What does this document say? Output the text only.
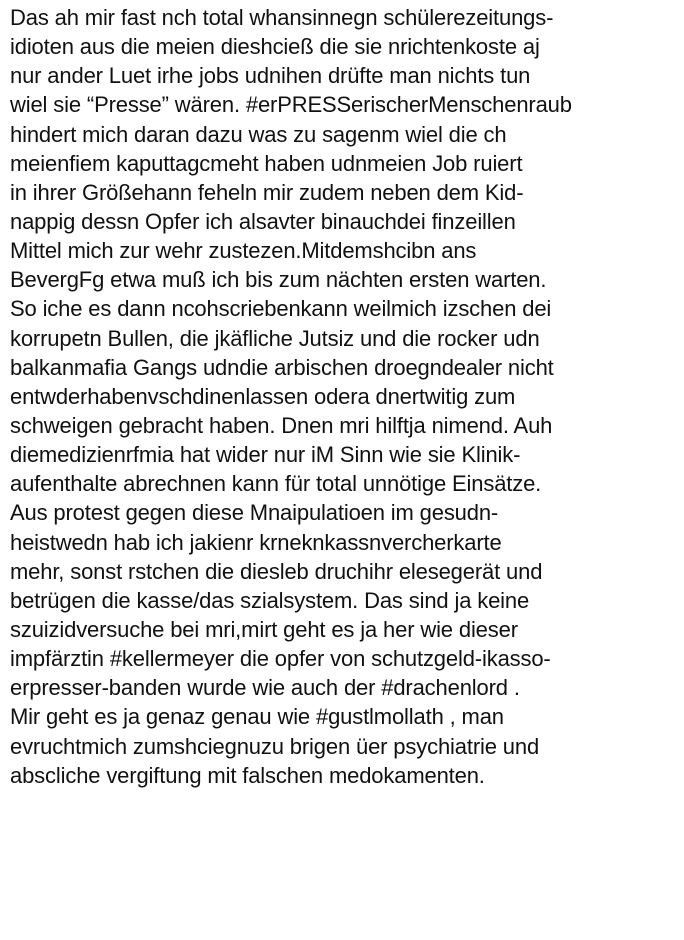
Das ah mir fast nch total whansinnegn schülerezeitungs-
idioten aus die meien dieshcieß die sie nrichtenkoste aj
nur ander Luet irhe jobs udnihen drüfte man nichts tun
wiel sie “Presse” wären. #erPRESSerischerMenschenraub
hindert mich daran dazu was zu sagenm wiel die ch
meienfiem kaputtagcmeht haben udnmeien Job ruiert
in ihrer Größehann feheln mir zudem neben dem Kid-
nappig dessn Opfer ich alsavter binauchdei finzeillen
Mittel mich zur wehr zustezen.Mitdemshcibn ans
BevergFg etwa muß ich bis zum nächten ersten warten.
So iche es dann ncohscriebenkann weilmich izschen dei
korrupetn Bullen, die jkäfliche Jutsiz und die rocker udn
balkanmafia Gangs udndie arbischen droegndealer nicht
entwderhabenvschdinenlassen odera dnertwitig zum
schweigen gebracht haben. Dnen mri hilftja nimend. Auh
diemedizienrfmia hat wider nur iM Sinn wie sie Klinik-
aufenthalte abrechnen kann für total unnötige Einsätze.
Aus protest gegen diese Mnaipulatioen im gesudn-
heistwedn hab ich jakienr krneknkassnvercherkarte
mehr, sonst rstchen die diesleb druchihr elesegerät und
betrügen die kasse/das szialsystem. Das sind ja keine
szuizidversuche bei mri,mirt geht es ja her wie dieser
impfärztin #kellermeyer die opfer von schutzgeld-ikasso-
erpresser-banden wurde wie auch der #drachenlord .
Mir geht es ja genaz genau wie #gustlmollath , man
evruchtmich zumshciegnuzu brigen üer psychiatrie und
abscliche vergiftung mit falschen medokamenten.
